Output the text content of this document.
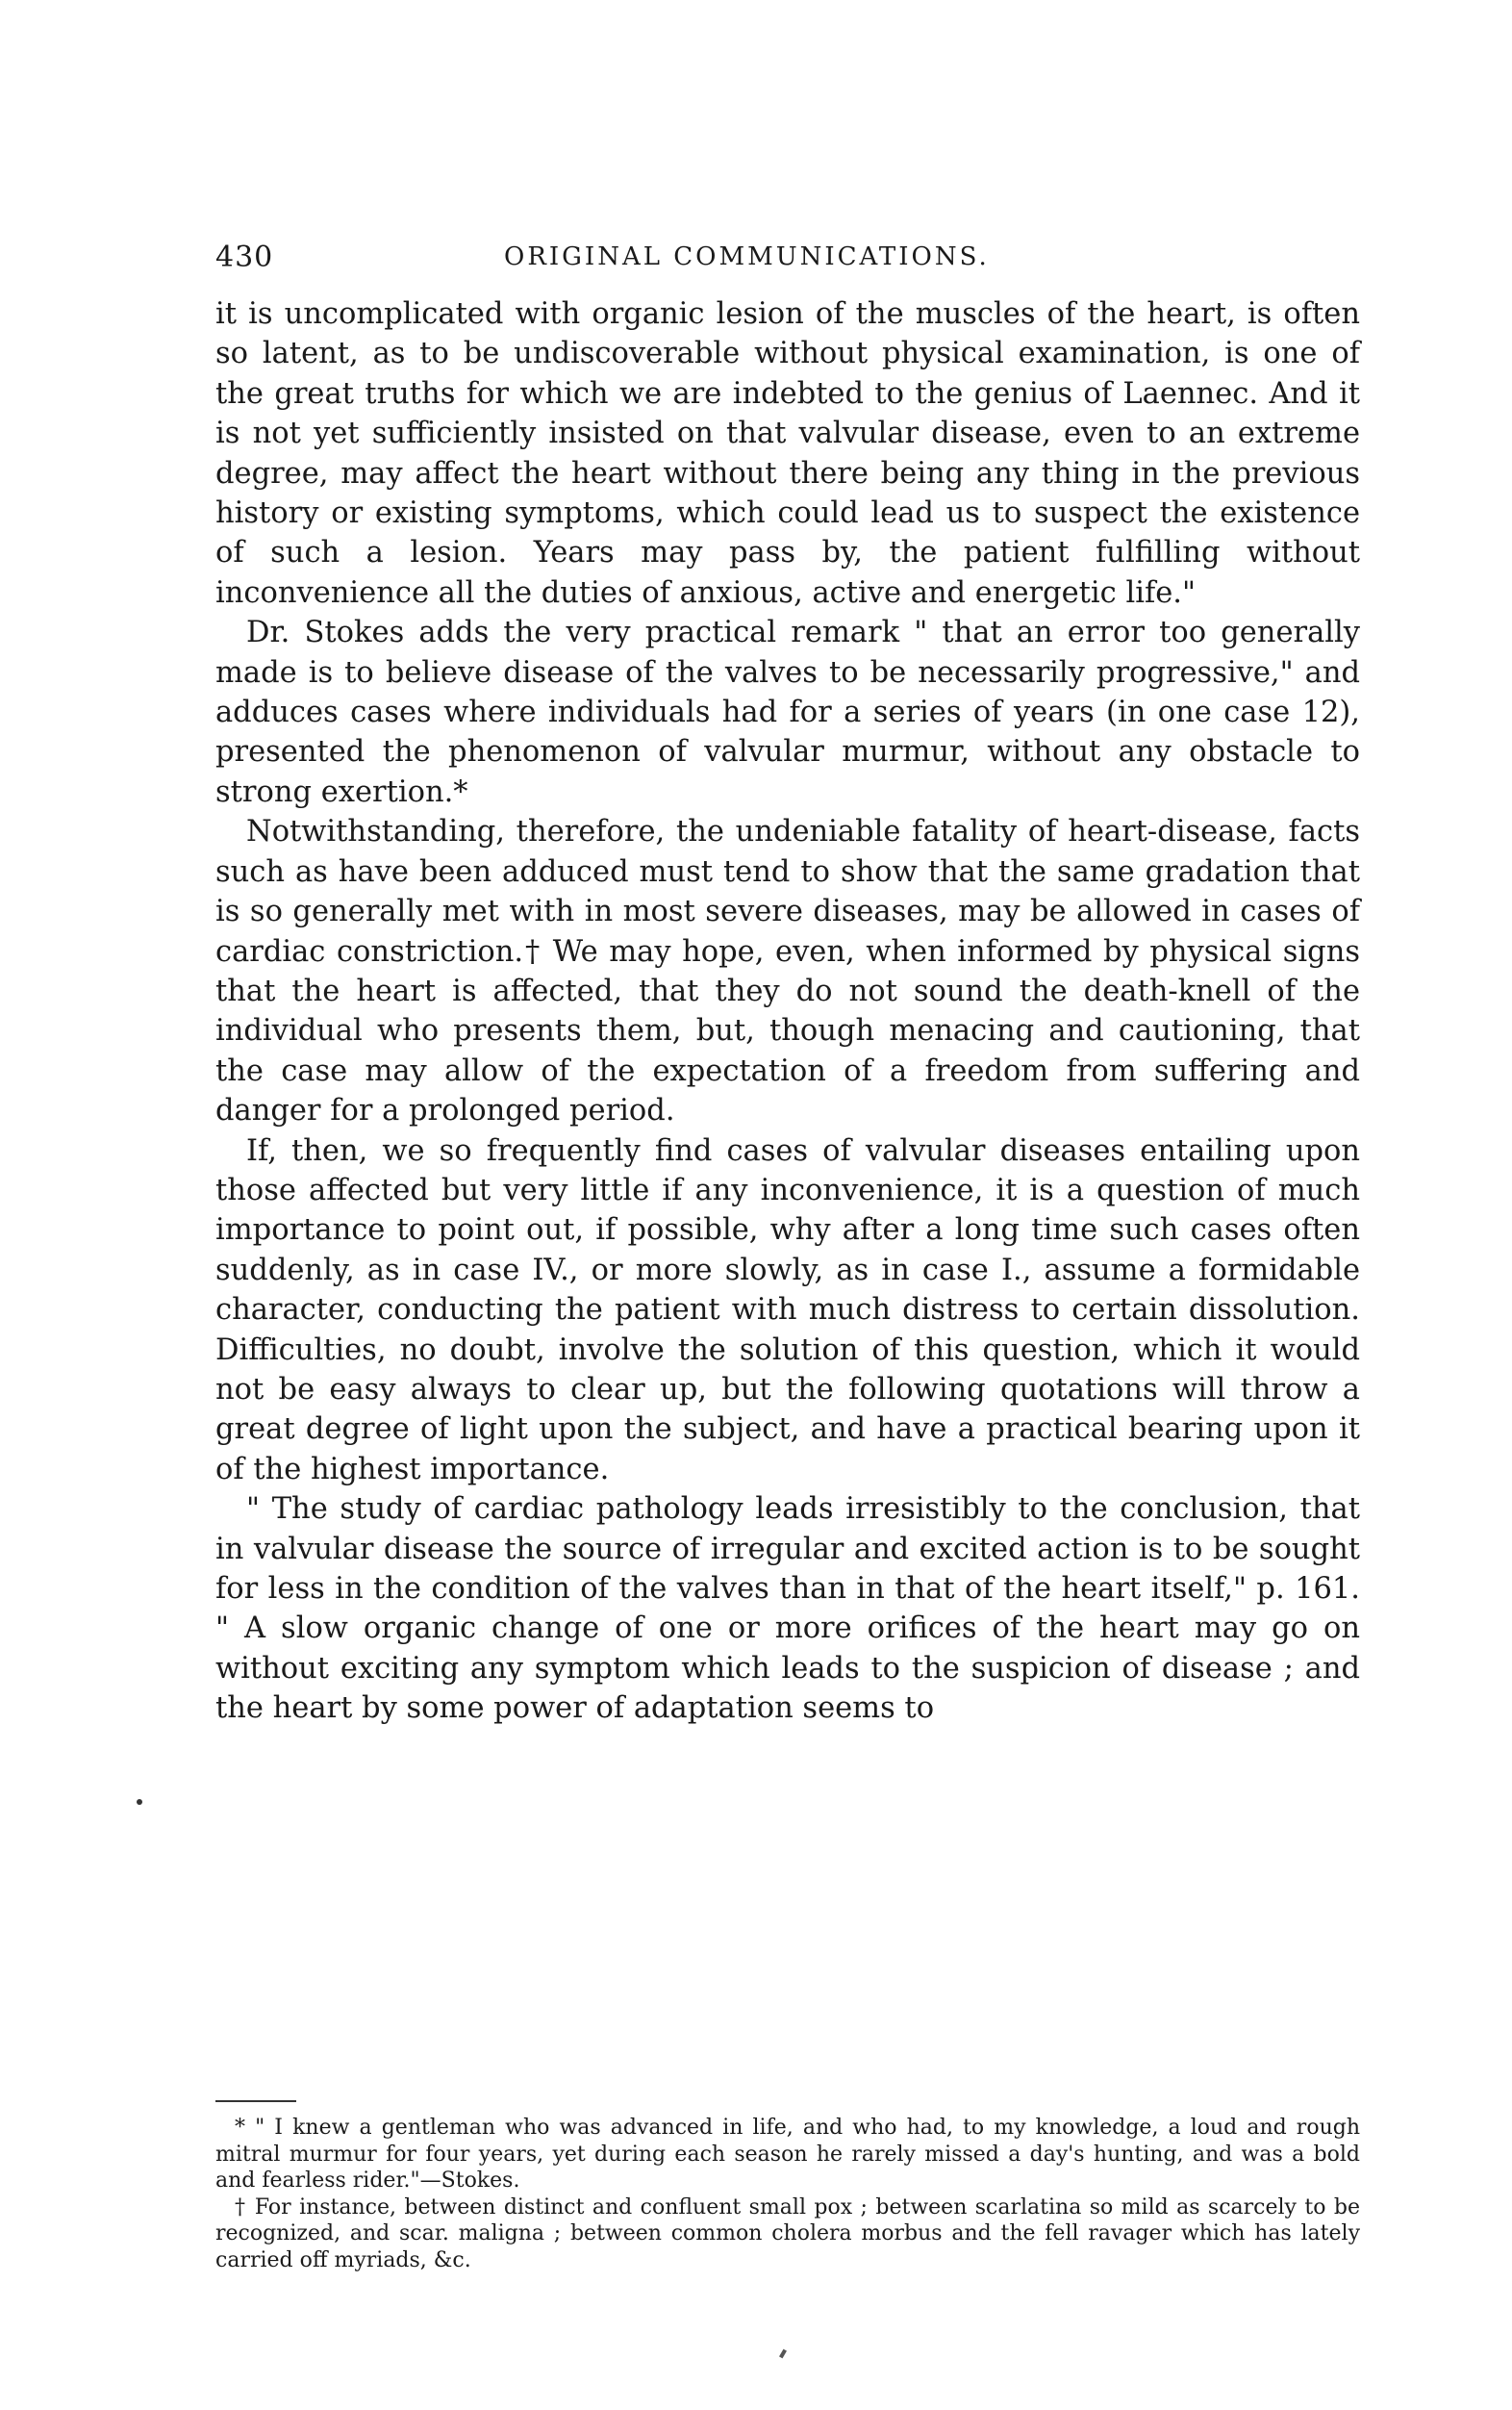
430	ORIGINAL COMMUNICATIONS.

it is uncomplicated with organic lesion of the muscles of the heart, is often so latent, as to be undiscoverable without physical examination, is one of the great truths for which we are indebted to the genius of Laennec. And it is not yet sufficiently insisted on that valvular disease, even to an extreme degree, may affect the heart without there being any thing in the previous history or existing symptoms, which could lead us to suspect the existence of such a lesion. Years may pass by, the patient fulfilling without inconvenience all the duties of anxious, active and energetic life."

Dr. Stokes adds the very practical remark " that an error too generally made is to believe disease of the valves to be necessarily progressive," and adduces cases where individuals had for a series of years (in one case 12), presented the phenomenon of valvular murmur, without any obstacle to strong exertion.*

Notwithstanding, therefore, the undeniable fatality of heart-disease, facts such as have been adduced must tend to show that the same gradation that is so generally met with in most severe diseases, may be allowed in cases of cardiac constriction.† We may hope, even, when informed by physical signs that the heart is affected, that they do not sound the death-knell of the individual who presents them, but, though menacing and cautioning, that the case may allow of the expectation of a freedom from suffering and danger for a prolonged period.

If, then, we so frequently find cases of valvular diseases entailing upon those affected but very little if any inconvenience, it is a question of much importance to point out, if possible, why after a long time such cases often suddenly, as in case IV., or more slowly, as in case I., assume a formidable character, conducting the patient with much distress to certain dissolution. Difficulties, no doubt, involve the solution of this question, which it would not be easy always to clear up, but the following quotations will throw a great degree of light upon the subject, and have a practical bearing upon it of the highest importance.

" The study of cardiac pathology leads irresistibly to the conclusion, that in valvular disease the source of irregular and excited action is to be sought for less in the condition of the valves than in that of the heart itself," p. 161. " A slow organic change of one or more orifices of the heart may go on without exciting any symptom which leads to the suspicion of disease ; and the heart by some power of adaptation seems to

* " I knew a gentleman who was advanced in life, and who had, to my knowledge, a loud and rough mitral murmur for four years, yet during each season he rarely missed a day's hunting, and was a bold and fearless rider."—Stokes.

† For instance, between distinct and confluent small pox ; between scarlatina so mild as scarcely to be recognized, and scar. maligna ; between common cholera morbus and the fell ravager which has lately carried off myriads, &c.
